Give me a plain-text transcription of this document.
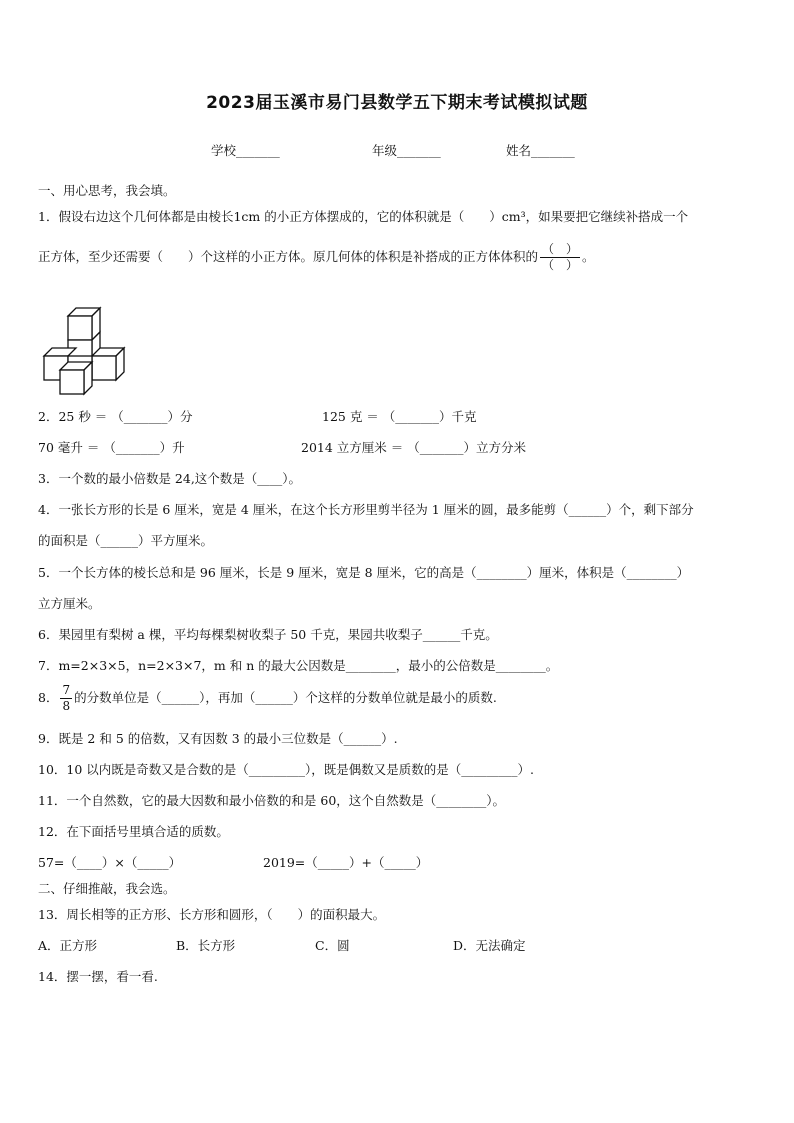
2023届玉溪市易门县数学五下期末考试模拟试题
学校_______	年级_______	姓名_______
一、用心思考，我会填。
1．假设右边这个几何体都是由棱长1cm 的小正方体摆成的，它的体积就是（　　）cm³，如果要把它继续补搭成一个
正方体，至少还需要（　　）个这样的小正方体。原几何体的体积是补搭成的正方体体积的 $\frac{( )}{( )}$ 。
2．25 秒 ＝ （_______）分	125 克 ＝ （_______）千克
70 毫升 ＝ （_______）升	2014 立方厘米 ＝ （_______）立方分米
3．一个数的最小倍数是 24,这个数是（____）。
4．一张长方形的长是 6 厘米，宽是 4 厘米，在这个长方形里剪半径为 1 厘米的圆，最多能剪（______）个，剩下部分
的面积是（______）平方厘米。
5．一个长方体的棱长总和是 96 厘米，长是 9 厘米，宽是 8 厘米，它的高是（________）厘米，体积是（________）
立方厘米。
6．果园里有梨树 a 棵，平均每棵梨树收梨子 50 千克，果园共收梨子______千克。
7．m=2×3×5，n=2×3×7，m 和 n 的最大公因数是________，最小的公倍数是________。
8． $\frac{7}{8}$ 的分数单位是（______），再加（______）个这样的分数单位就是最小的质数.
9．既是 2 和 5 的倍数，又有因数 3 的最小三位数是（______）.
10．10 以内既是奇数又是合数的是（_________），既是偶数又是质数的是（_________）.
11．一个自然数，它的最大因数和最小倍数的和是 60，这个自然数是（________）。
12．在下面括号里填合适的质数。
57=（____）×（_____）	2019=（_____）+（_____）
二、仔细推敲，我会选。
13．周长相等的正方形、长方形和圆形，（　　）的面积最大。
A．正方形	B．长方形	C．圆	D．无法确定
14．摆一摆，看一看.
